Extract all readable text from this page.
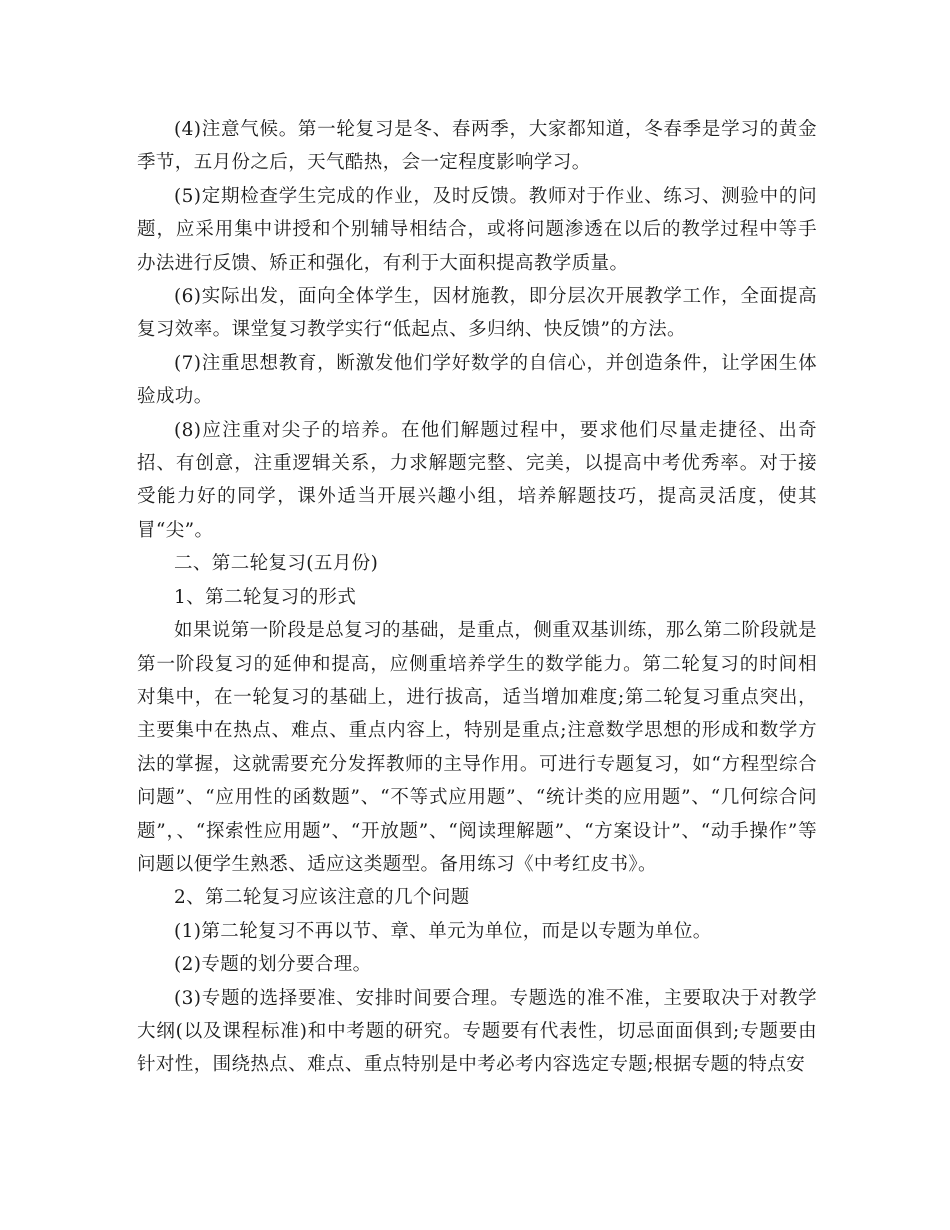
(4)注意气候。第一轮复习是冬、春两季，大家都知道，冬春季是学习的黄金季节，五月份之后，天气酷热，会一定程度影响学习。

(5)定期检查学生完成的作业，及时反馈。教师对于作业、练习、测验中的问题，应采用集中讲授和个别辅导相结合，或将问题渗透在以后的教学过程中等手办法进行反馈、矫正和强化，有利于大面积提高教学质量。

(6)实际出发，面向全体学生，因材施教，即分层次开展教学工作，全面提高复习效率。课堂复习教学实行“低起点、多归纳、快反馈”的方法。

(7)注重思想教育，断激发他们学好数学的自信心，并创造条件，让学困生体验成功。

(8)应注重对尖子的培养。在他们解题过程中，要求他们尽量走捷径、出奇招、有创意，注重逻辑关系，力求解题完整、完美，以提高中考优秀率。对于接受能力好的同学，课外适当开展兴趣小组，培养解题技巧，提高灵活度，使其冒“尖”。

二、第二轮复习(五月份)

1、第二轮复习的形式

如果说第一阶段是总复习的基础，是重点，侧重双基训练，那么第二阶段就是第一阶段复习的延伸和提高，应侧重培养学生的数学能力。第二轮复习的时间相对集中，在一轮复习的基础上，进行拔高，适当增加难度;第二轮复习重点突出，主要集中在热点、难点、重点内容上，特别是重点;注意数学思想的形成和数学方法的掌握，这就需要充分发挥教师的主导作用。可进行专题复习，如“方程型综合问题”、“应用性的函数题”、“不等式应用题”、“统计类的应用题”、“几何综合问题”，、“探索性应用题”、“开放题”、“阅读理解题”、“方案设计”、“动手操作”等问题以便学生熟悉、适应这类题型。备用练习《中考红皮书》。

2、第二轮复习应该注意的几个问题

(1)第二轮复习不再以节、章、单元为单位，而是以专题为单位。

(2)专题的划分要合理。

(3)专题的选择要准、安排时间要合理。专题选的准不准，主要取决于对教学大纲(以及课程标准)和中考题的研究。专题要有代表性，切忌面面俱到;专题要由针对性，围绕热点、难点、重点特别是中考必考内容选定专题;根据专题的特点安
